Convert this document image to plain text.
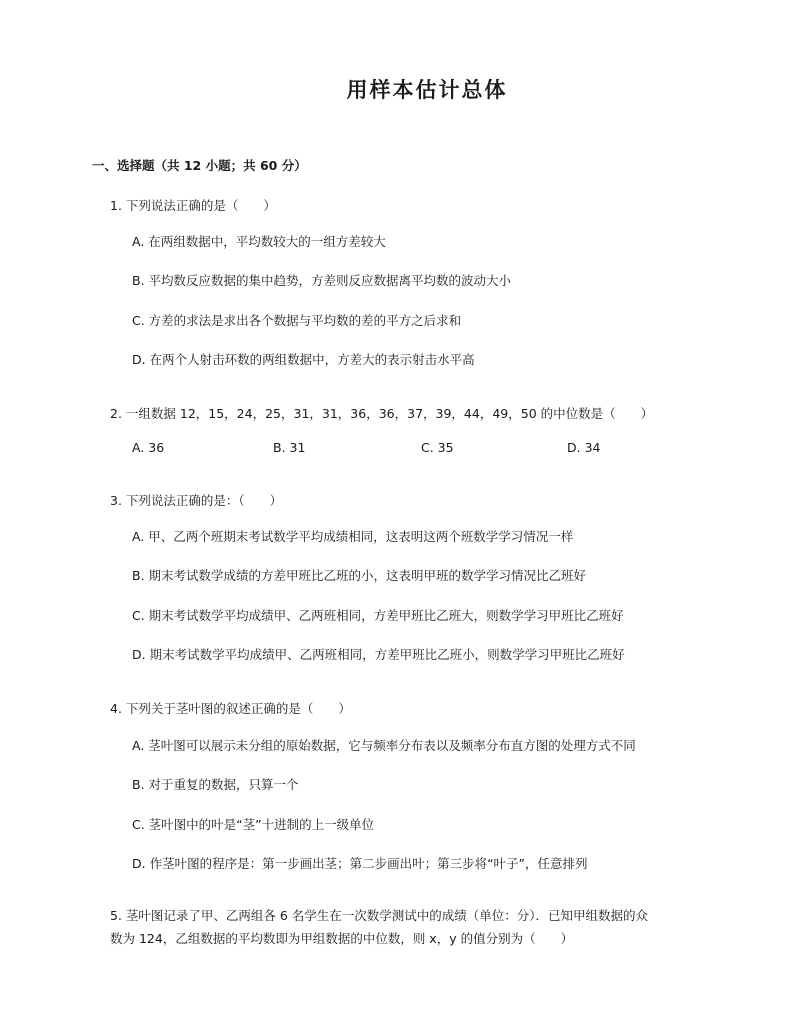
用样本估计总体
一、选择题（共 12 小题；共 60 分）
1. 下列说法正确的是（　　）
A. 在两组数据中，平均数较大的一组方差较大
B. 平均数反应数据的集中趋势，方差则反应数据离平均数的波动大小
C. 方差的求法是求出各个数据与平均数的差的平方之后求和
D. 在两个人射击环数的两组数据中，方差大的表示射击水平高
2. 一组数据 12，15，24，25，31，31，36，36，37，39，44，49，50 的中位数是（　　）
A. 36	B. 31	C. 35	D. 34
3. 下列说法正确的是：（　　）
A. 甲、乙两个班期末考试数学平均成绩相同，这表明这两个班数学学习情况一样
B. 期末考试数学成绩的方差甲班比乙班的小，这表明甲班的数学学习情况比乙班好
C. 期末考试数学平均成绩甲、乙两班相同，方差甲班比乙班大，则数学学习甲班比乙班好
D. 期末考试数学平均成绩甲、乙两班相同，方差甲班比乙班小，则数学学习甲班比乙班好
4. 下列关于茎叶图的叙述正确的是（　　）
A. 茎叶图可以展示未分组的原始数据，它与频率分布表以及频率分布直方图的处理方式不同
B. 对于重复的数据，只算一个
C. 茎叶图中的叶是“茎”十进制的上一级单位
D. 作茎叶图的程序是：第一步画出茎；第二步画出叶；第三步将“叶子”，任意排列
5. 茎叶图记录了甲、乙两组各 6 名学生在一次数学测试中的成绩（单位：分）．已知甲组数据的众
数为 124，乙组数据的平均数即为甲组数据的中位数，则 x，y 的值分别为（　　）
